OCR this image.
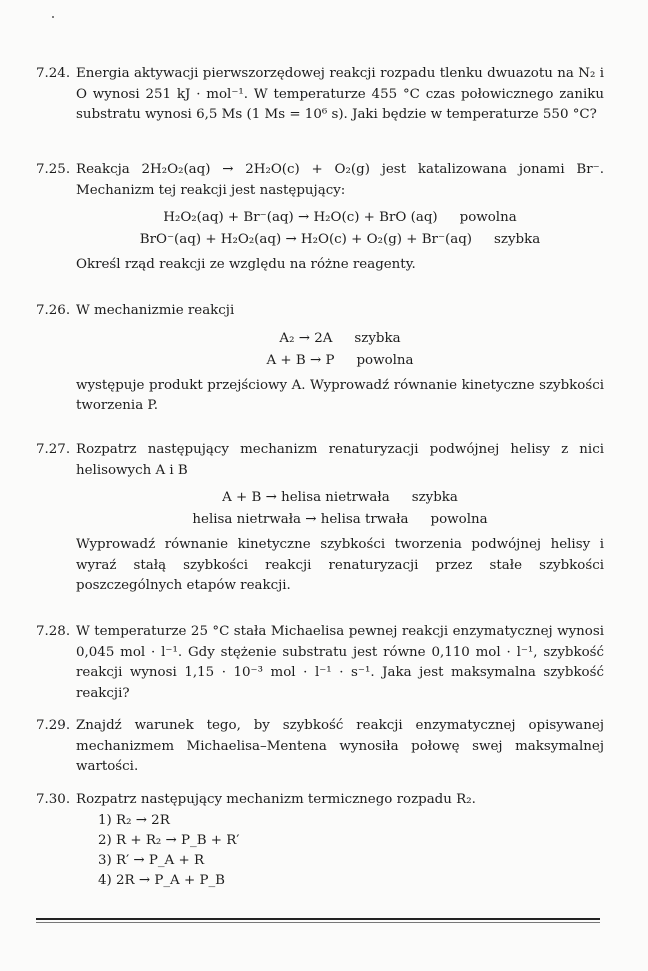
7.24. Energia aktywacji pierwszorzędowej reakcji rozpadu tlenku dwuazotu na N₂ i O wynosi 251 kJ · mol⁻¹. W temperaturze 455 °C czas połowicznego zaniku substratu wynosi 6,5 Ms (1 Ms = 10⁶ s). Jaki będzie w temperaturze 550 °C?

7.25. Reakcja 2H₂O₂(aq) → 2H₂O(c) + O₂(g) jest katalizowana jonami Br⁻. Mechanizm tej reakcji jest następujący:

H₂O₂(aq) + Br⁻(aq) → H₂O(c) + BrO (aq) powolna
BrO⁻(aq) + H₂O₂(aq) → H₂O(c) + O₂(g) + Br⁻(aq) szybka

Określ rząd reakcji ze względu na różne reagenty.

7.26. W mechanizmie reakcji

A₂ → 2A szybka
A + B → P powolna

występuje produkt przejściowy A. Wyprowadź równanie kinetyczne szybkości tworzenia P.

7.27. Rozpatrz następujący mechanizm renaturyzacji podwójnej helisy z nici helisowych A i B

A + B → helisa nietrwała szybka
helisa nietrwała → helisa trwała powolna

Wyprowadź równanie kinetyczne szybkości tworzenia podwójnej helisy i wyraź stałą szybkości reakcji renaturyzacji przez stałe szybkości poszczególnych etapów reakcji.

7.28. W temperaturze 25 °C stała Michaelisa pewnej reakcji enzymatycznej wynosi 0,045 mol · l⁻¹. Gdy stężenie substratu jest równe 0,110 mol · l⁻¹, szybkość reakcji wynosi 1,15 · 10⁻³ mol · l⁻¹ · s⁻¹. Jaka jest maksymalna szybkość reakcji?

7.29. Znajdź warunek tego, by szybkość reakcji enzymatycznej opisywanej mechanizmem Michaelisa–Mentena wynosiła połowę swej maksymalnej wartości.

7.30. Rozpatrz następujący mechanizm termicznego rozpadu R₂.

1) R₂ → 2R
2) R + R₂ → P_B + R′
3) R′ → P_A + R
4) 2R → P_A + P_B
